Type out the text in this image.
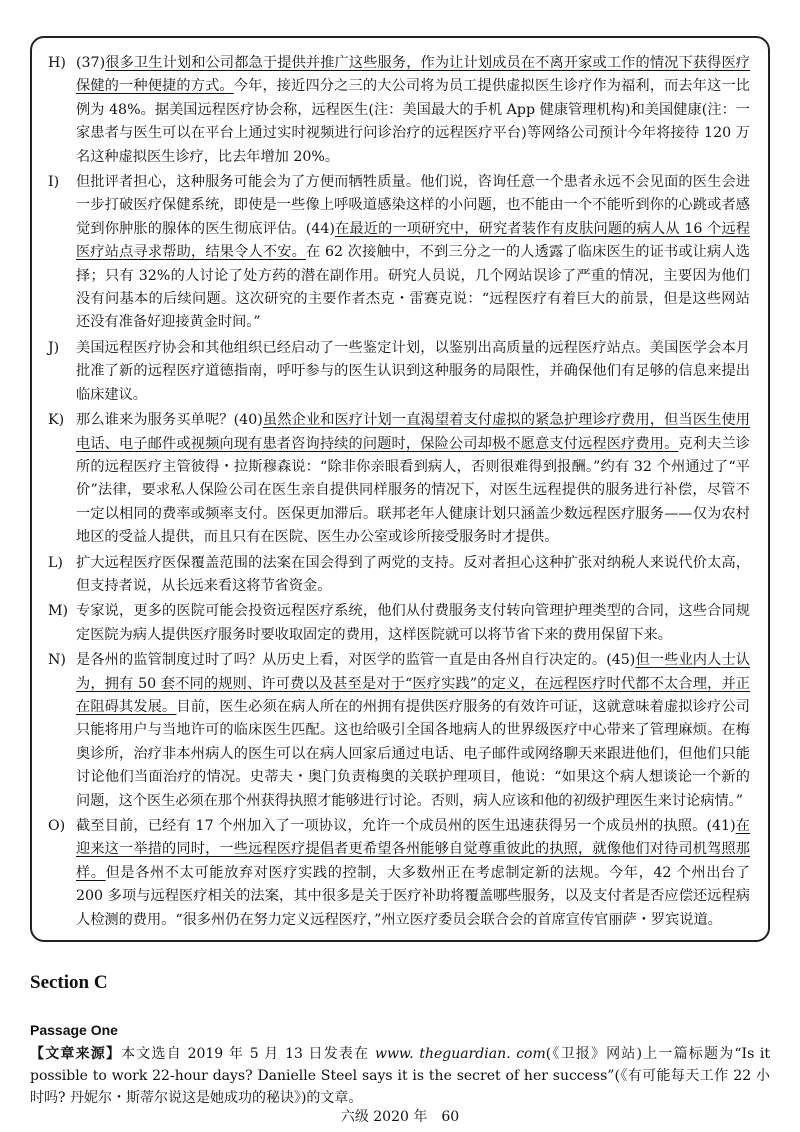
H) (37)很多卫生计划和公司都急于提供并推广这些服务，作为让计划成员在不离开家或工作的情况下获得医疗保健的一种便捷的方式。今年，接近四分之三的大公司将为员工提供虚拟医生诊疗作为福利，而去年这一比例为 48%。据美国远程医疗协会称，远程医生(注：美国最大的手机 App 健康管理机构)和美国健康(注：一家患者与医生可以在平台上通过实时视频进行问诊治疗的远程医疗平台)等网络公司预计今年将接待 120 万名这种虚拟医生诊疗，比去年增加 20%。
I)	但批评者担心，这种服务可能会为了方便而牺牲质量。他们说，咨询任意一个患者永远不会见面的医生会进一步打破医疗保健系统，即使是一些像上呼吸道感染这样的小问题，也不能由一个不能听到你的心跳或者感觉到你肿胀的腺体的医生彻底评估。(44)在最近的一项研究中，研究者装作有皮肤问题的病人从 16 个远程医疗站点寻求帮助，结果令人不安。在 62 次接触中，不到三分之一的人透露了临床医生的证书或让病人选择；只有 32%的人讨论了处方药的潜在副作用。研究人员说，几个网站误诊了严重的情况，主要因为他们没有问基本的后续问题。这次研究的主要作者杰克・雷赛克说：“远程医疗有着巨大的前景，但是这些网站还没有准备好迎接黄金时间。”
J)	美国远程医疗协会和其他组织已经启动了一些鉴定计划，以鉴别出高质量的远程医疗站点。美国医学会本月批准了新的远程医疗道德指南，呼吁参与的医生认识到这种服务的局限性，并确保他们有足够的信息来提出临床建议。
K) 那么谁来为服务买单呢？(40)虽然企业和医疗计划一直渴望着支付虚拟的紧急护理诊疗费用，但当医生使用电话、电子邮件或视频向现有患者咨询持续的问题时，保险公司却极不愿意支付远程医疗费用。克利夫兰诊所的远程医疗主管彼得・拉斯穆森说：“除非你亲眼看到病人，否则很难得到报酬。”约有 32 个州通过了“平价”法律，要求私人保险公司在医生亲自提供同样服务的情况下，对医生远程提供的服务进行补偿，尽管不一定以相同的费率或频率支付。医保更加滞后。联邦老年人健康计划只涵盖少数远程医疗服务——仅为农村地区的受益人提供，而且只有在医院、医生办公室或诊所接受服务时才提供。
L) 扩大远程医疗医保覆盖范围的法案在国会得到了两党的支持。反对者担心这种扩张对纳税人来说代价太高，但支持者说，从长远来看这将节省资金。
M) 专家说，更多的医院可能会投资远程医疗系统，他们从付费服务支付转向管理护理类型的合同，这些合同规定医院为病人提供医疗服务时要收取固定的费用，这样医院就可以将节省下来的费用保留下来。
N) 是各州的监管制度过时了吗？从历史上看，对医学的监管一直是由各州自行决定的。(45)但一些业内人士认为，拥有 50 套不同的规则、许可费以及甚至是对于“医疗实践”的定义，在远程医疗时代都不太合理，并正在阻碍其发展。目前，医生必须在病人所在的州拥有提供医疗服务的有效许可证，这就意味着虚拟诊疗公司只能将用户与当地许可的临床医生匹配。这也给吸引全国各地病人的世界级医疗中心带来了管理麻烦。在梅奥诊所，治疗非本州病人的医生可以在病人回家后通过电话、电子邮件或网络聊天来跟进他们，但他们只能讨论他们当面治疗的情况。史蒂夫・奥门负责梅奥的关联护理项目，他说：“如果这个病人想谈论一个新的问题，这个医生必须在那个州获得执照才能够进行讨论。否则，病人应该和他的初级护理医生来讨论病情。”
O) 截至目前，已经有 17 个州加入了一项协议，允许一个成员州的医生迅速获得另一个成员州的执照。(41)在迎来这一举措的同时，一些远程医疗提倡者更希望各州能够自觉尊重彼此的执照，就像他们对待司机驾照那样。但是各州不太可能放弃对医疗实践的控制，大多数州正在考虑制定新的法规。今年，42 个州出台了 200 多项与远程医疗相关的法案，其中很多是关于医疗补助将覆盖哪些服务，以及支付者是否应偿还远程病人检测的费用。“很多州仍在努力定义远程医疗，”州立医疗委员会联合会的首席宣传官丽萨・罗宾说道。
Section C
Passage One
【文章来源】本文选自 2019 年 5 月 13 日发表在 www. theguardian. com(《卫报》网站)上一篇标题为“Is it possible to work 22-hour days? Danielle Steel says it is the secret of her success”(《有可能每天工作 22 小时吗? 丹妮尔・斯蒂尔说这是她成功的秘诀》)的文章。
六级 2020 年　60
